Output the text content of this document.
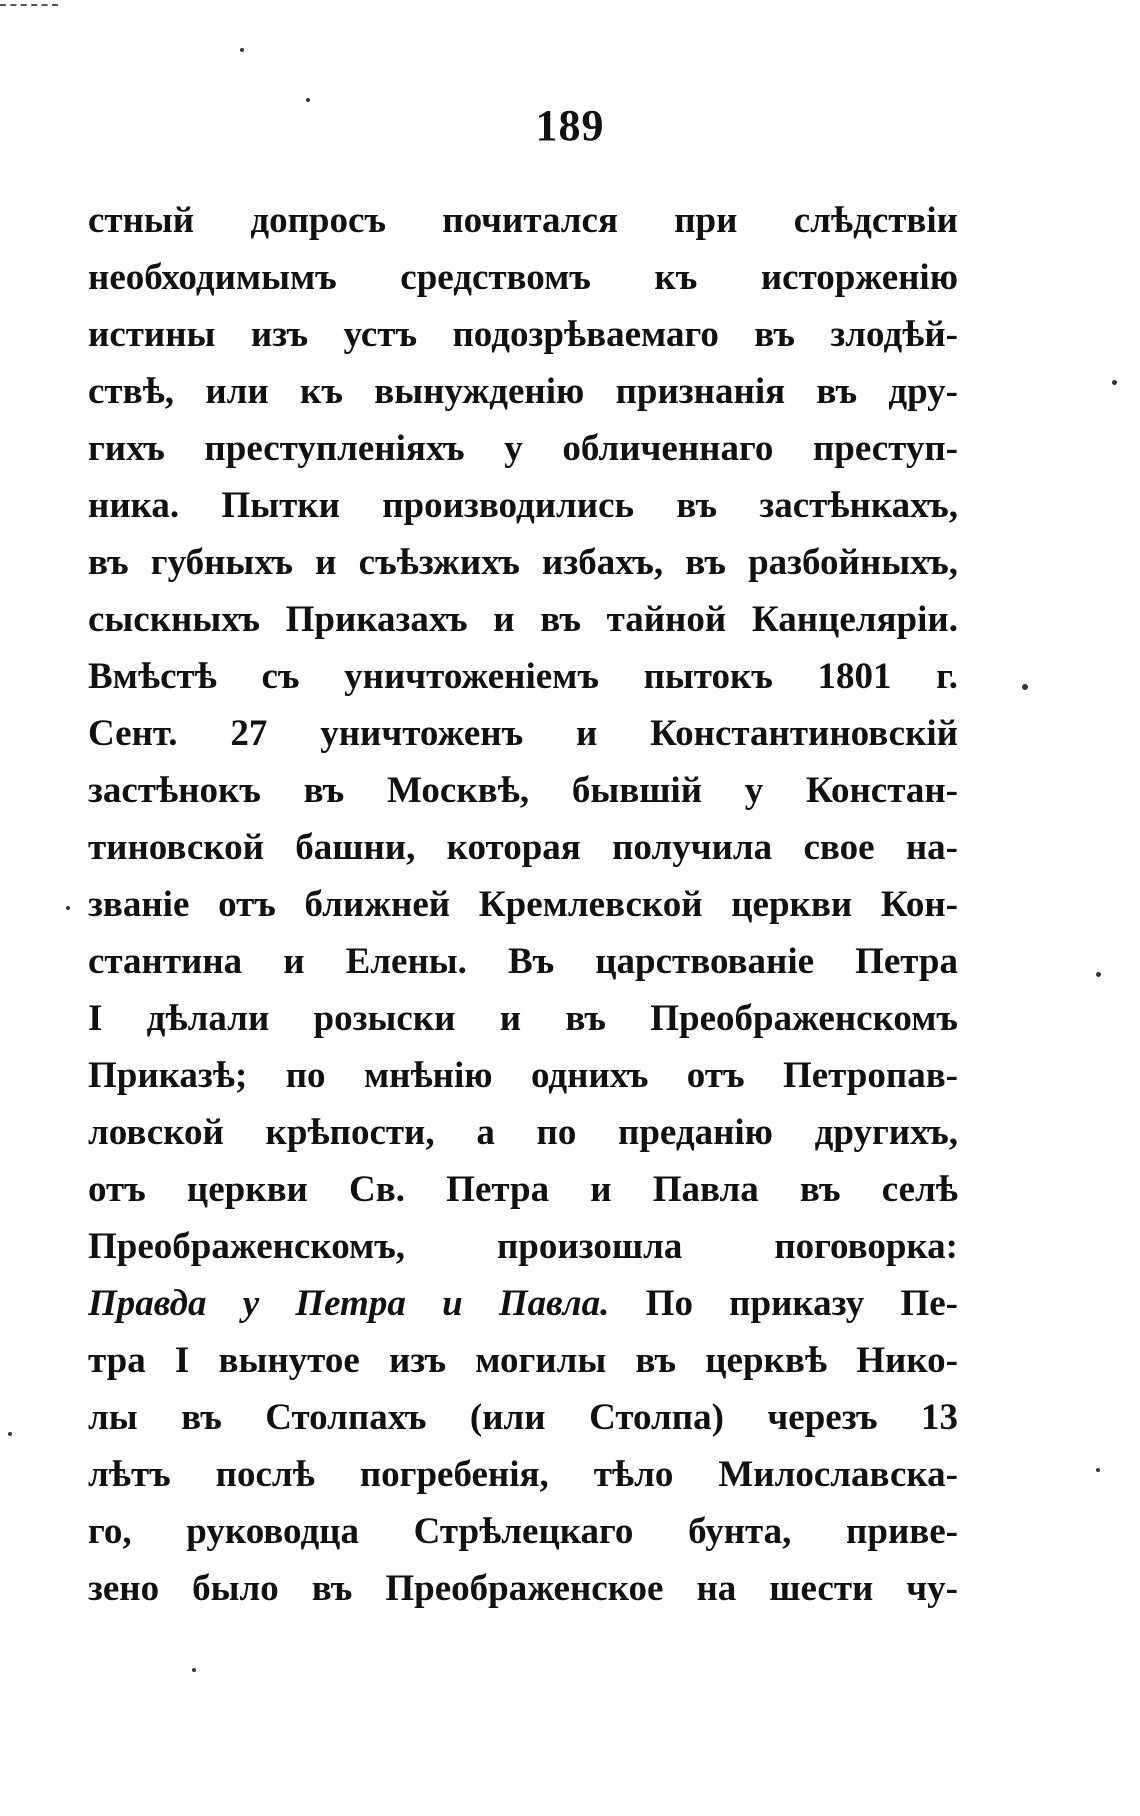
189
стный допросъ почитался при слѣдствіи
необходимымъ средствомъ къ исторженію
истины изъ устъ подозрѣваемаго въ злодѣй-
ствѣ, или къ вынужденію признанія въ дру-
гихъ преступленіяхъ у обличеннаго преступ-
ника. Пытки производились въ застѣнкахъ,
въ губныхъ и съѣзжихъ избахъ, въ разбойныхъ,
сыскныхъ Приказахъ и въ тайной Канцеляріи.
Вмѣстѣ съ уничтоженіемъ пытокъ 1801 г.
Сент. 27 уничтоженъ и Константиновскій
застѣнокъ въ Москвѣ, бывшій у Констан-
тиновской башни, которая получила свое на-
званіе отъ ближней Кремлевской церкви Кон-
стантина и Елены. Въ царствованіе Петра
I дѣлали розыски и въ Преображенскомъ
Приказѣ; по мнѣнію однихъ отъ Петропав-
ловской крѣпости, а по преданію другихъ,
отъ церкви Св. Петра и Павла въ селѣ
Преображенскомъ, произошла поговорка:
Правда у Петра и Павла. По приказу Пе-
тра I вынутое изъ могилы въ церквѣ Нико-
лы въ Столпахъ (или Столпа) черезъ 13
лѣтъ послѣ погребенія, тѣло Милославска-
го, руководца Стрѣлецкаго бунта, приве-
зено было въ Преображенское на шести чу-
